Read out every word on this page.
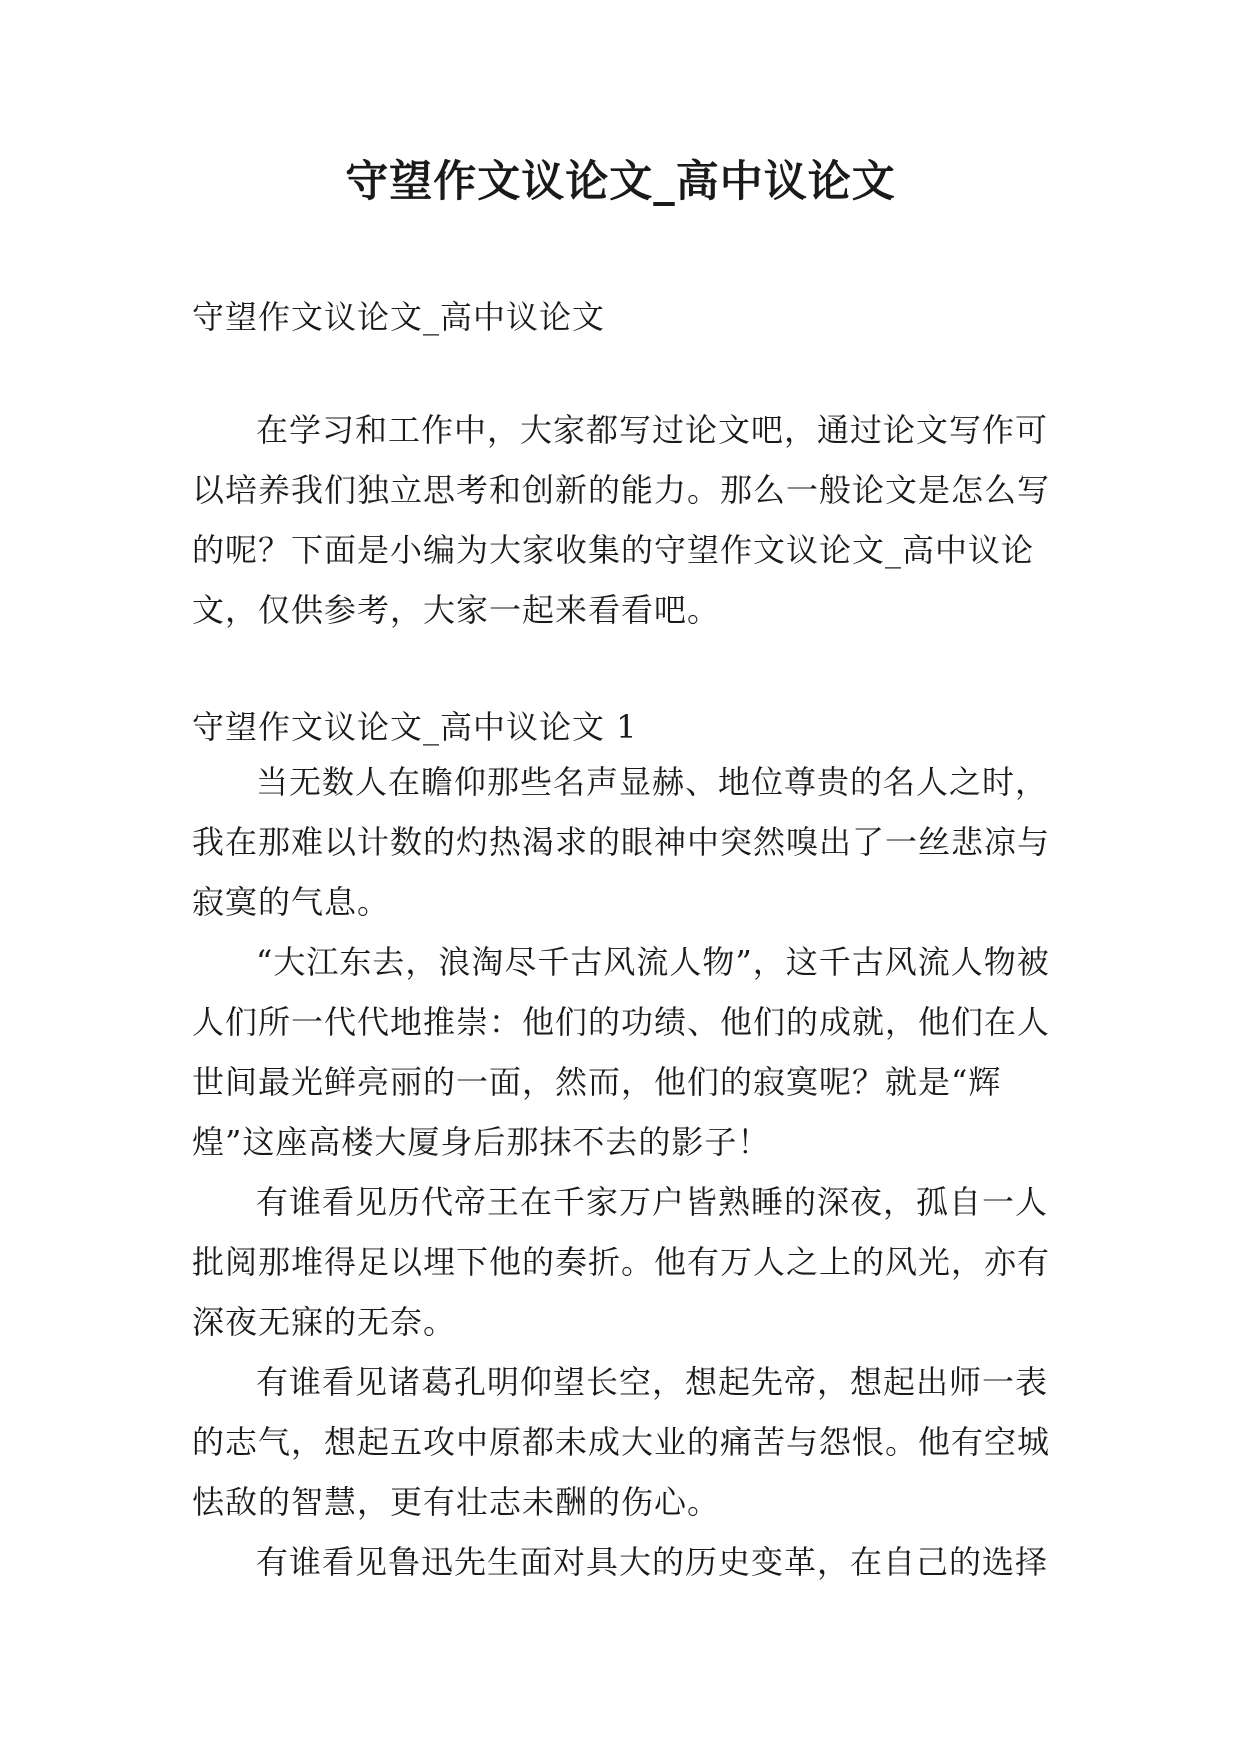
守望作文议论文_高中议论文

守望作文议论文_高中议论文

在学习和工作中，大家都写过论文吧，通过论文写作可以培养我们独立思考和创新的能力。那么一般论文是怎么写的呢？下面是小编为大家收集的守望作文议论文_高中议论文，仅供参考，大家一起来看看吧。

守望作文议论文_高中议论文 1

当无数人在瞻仰那些名声显赫、地位尊贵的名人之时，我在那难以计数的灼热渴求的眼神中突然嗅出了一丝悲凉与寂寞的气息。

“大江东去，浪淘尽千古风流人物”，这千古风流人物被人们所一代代地推崇：他们的功绩、他们的成就，他们在人世间最光鲜亮丽的一面，然而，他们的寂寞呢？就是“辉煌”这座高楼大厦身后那抹不去的影子！

有谁看见历代帝王在千家万户皆熟睡的深夜，孤自一人批阅那堆得足以埋下他的奏折。他有万人之上的风光，亦有深夜无寐的无奈。

有谁看见诸葛孔明仰望长空，想起先帝，想起出师一表的志气，想起五攻中原都未成大业的痛苦与怨恨。他有空城怯敌的智慧，更有壮志未酬的伤心。

有谁看见鲁迅先生面对具大的历史变革，在自己的选择
